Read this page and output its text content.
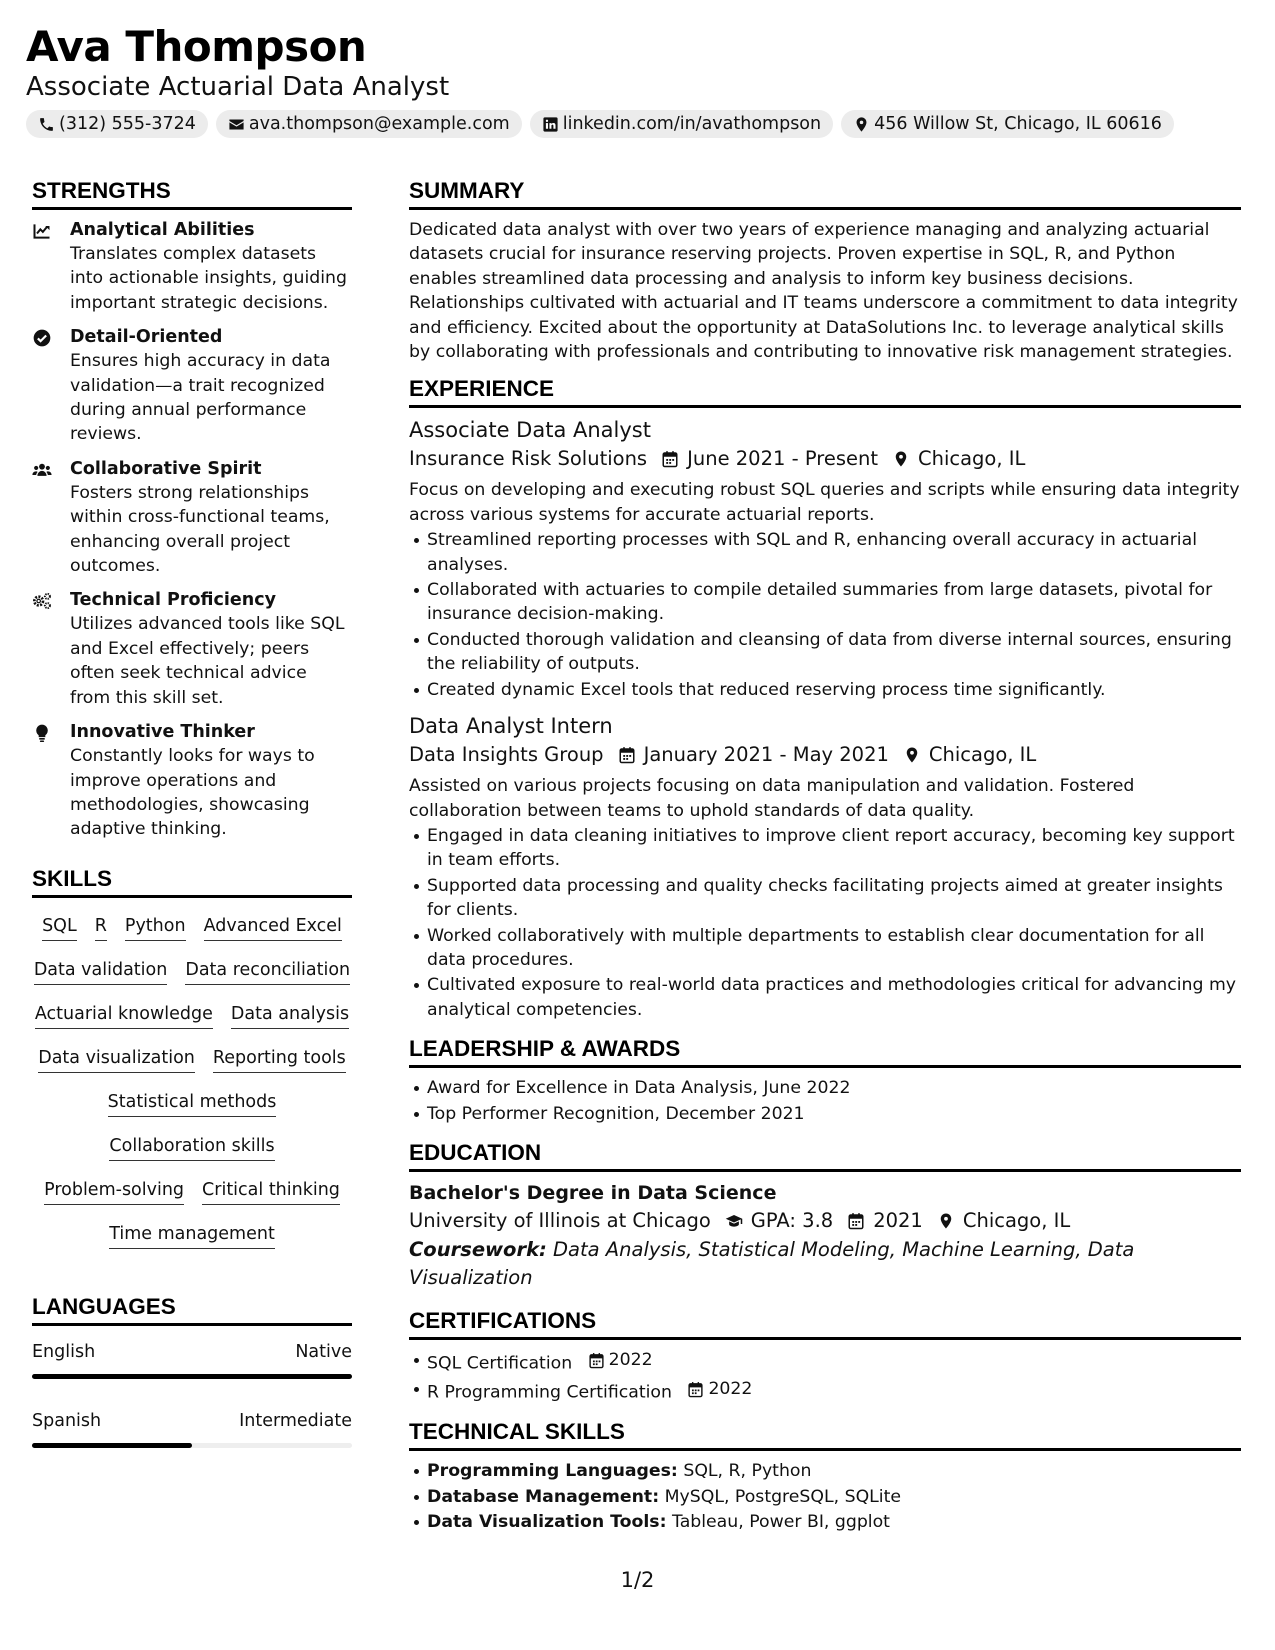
Ava Thompson
Associate Actuarial Data Analyst
(312) 555-3724	ava.thompson@example.com	linkedin.com/in/avathompson	456 Willow St, Chicago, IL 60616
STRENGTHS
Analytical Abilities
Translates complex datasets into actionable insights, guiding important strategic decisions.
Detail-Oriented
Ensures high accuracy in data validation—a trait recognized during annual performance reviews.
Collaborative Spirit
Fosters strong relationships within cross-functional teams, enhancing overall project outcomes.
Technical Proficiency
Utilizes advanced tools like SQL and Excel effectively; peers often seek technical advice from this skill set.
Innovative Thinker
Constantly looks for ways to improve operations and methodologies, showcasing adaptive thinking.
SKILLS
SQL R Python Advanced Excel
Data validation Data reconciliation
Actuarial knowledge Data analysis
Data visualization Reporting tools
Statistical methods
Collaboration skills
Problem-solving Critical thinking
Time management
LANGUAGES
English	Native
Spanish	Intermediate
SUMMARY
Dedicated data analyst with over two years of experience managing and analyzing actuarial datasets crucial for insurance reserving projects. Proven expertise in SQL, R, and Python enables streamlined data processing and analysis to inform key business decisions. Relationships cultivated with actuarial and IT teams underscore a commitment to data integrity and efficiency. Excited about the opportunity at DataSolutions Inc. to leverage analytical skills by collaborating with professionals and contributing to innovative risk management strategies.
EXPERIENCE
Associate Data Analyst
Insurance Risk Solutions June 2021 - Present Chicago, IL
Focus on developing and executing robust SQL queries and scripts while ensuring data integrity across various systems for accurate actuarial reports.
Streamlined reporting processes with SQL and R, enhancing overall accuracy in actuarial analyses.
Collaborated with actuaries to compile detailed summaries from large datasets, pivotal for insurance decision-making.
Conducted thorough validation and cleansing of data from diverse internal sources, ensuring the reliability of outputs.
Created dynamic Excel tools that reduced reserving process time significantly.
Data Analyst Intern
Data Insights Group January 2021 - May 2021 Chicago, IL
Assisted on various projects focusing on data manipulation and validation. Fostered collaboration between teams to uphold standards of data quality.
Engaged in data cleaning initiatives to improve client report accuracy, becoming key support in team efforts.
Supported data processing and quality checks facilitating projects aimed at greater insights for clients.
Worked collaboratively with multiple departments to establish clear documentation for all data procedures.
Cultivated exposure to real-world data practices and methodologies critical for advancing my analytical competencies.
LEADERSHIP & AWARDS
Award for Excellence in Data Analysis, June 2022
Top Performer Recognition, December 2021
EDUCATION
Bachelor's Degree in Data Science
University of Illinois at Chicago GPA: 3.8 2021 Chicago, IL
Coursework: Data Analysis, Statistical Modeling, Machine Learning, Data Visualization
CERTIFICATIONS
SQL Certification 2022
R Programming Certification 2022
TECHNICAL SKILLS
Programming Languages: SQL, R, Python
Database Management: MySQL, PostgreSQL, SQLite
Data Visualization Tools: Tableau, Power BI, ggplot
1/2
